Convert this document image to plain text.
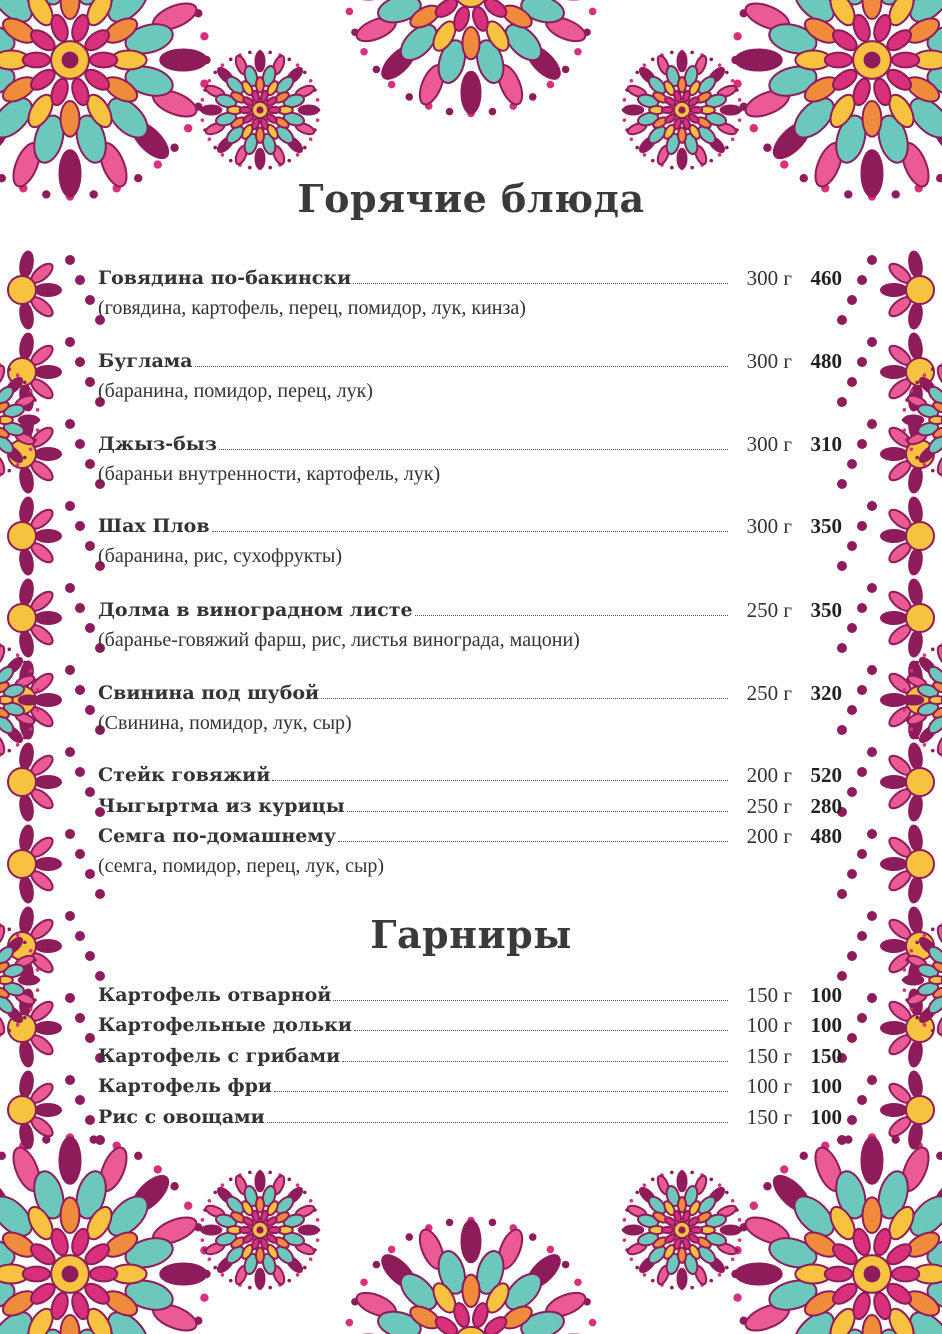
Горячие блюда
Говядина по-бакински	300 г 460
(говядина, картофель, перец, помидор, лук, кинза)
Буглама	300 г 480
(баранина, помидор, перец, лук)
Джыз-быз	300 г 310
(бараньи внутренности, картофель, лук)
Шах Плов	300 г 350
(баранина, рис, сухофрукты)
Долма в виноградном листе	250 г 350
(баранье-говяжий фарш, рис, листья винограда, мацони)
Свинина под шубой	250 г 320
(Свинина, помидор, лук, сыр)
Стейк говяжий	200 г 520
Чыгыртма из курицы	250 г 280
Семга по-домашнему	200 г 480
(семга, помидор, перец, лук, сыр)
Гарниры
Картофель отварной	150 г 100
Картофельные дольки	100 г 100
Картофель с грибами	150 г 150
Картофель фри	100 г 100
Рис с овощами	150 г 100
